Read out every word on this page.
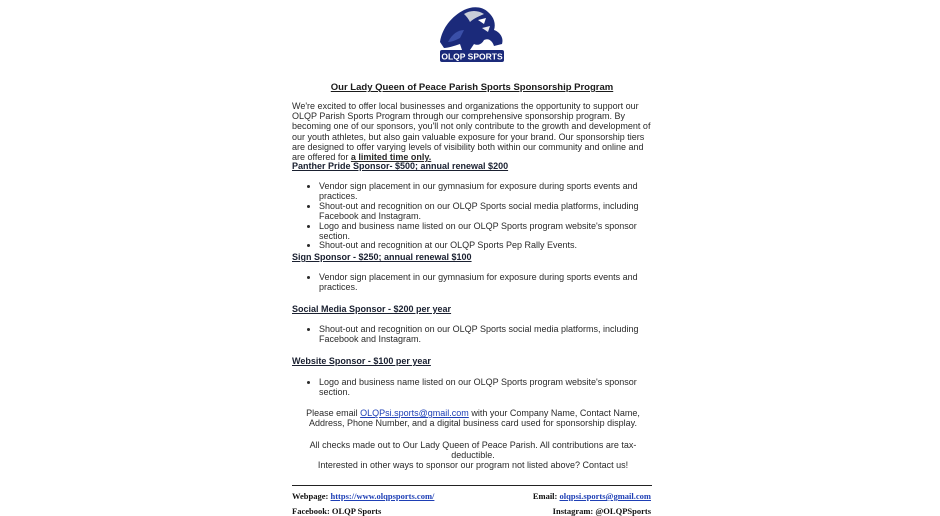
OLQP SPORTS
Our Lady Queen of Peace Parish Sports Sponsorship Program
We're excited to offer local businesses and organizations the opportunity to support our OLQP Parish Sports Program through our comprehensive sponsorship program. By becoming one of our sponsors, you'll not only contribute to the growth and development of our youth athletes, but also gain valuable exposure for your brand. Our sponsorship tiers are designed to offer varying levels of visibility both within our community and online and are offered for a limited time only.
Panther Pride Sponsor- $500; annual renewal $200
• Vendor sign placement in our gymnasium for exposure during sports events and practices.
• Shout-out and recognition on our OLQP Sports social media platforms, including Facebook and Instagram.
• Logo and business name listed on our OLQP Sports program website's sponsor section.
• Shout-out and recognition at our OLQP Sports Pep Rally Events.
Sign Sponsor - $250; annual renewal $100
• Vendor sign placement in our gymnasium for exposure during sports events and practices.
Social Media Sponsor - $200 per year
• Shout-out and recognition on our OLQP Sports social media platforms, including Facebook and Instagram.
Website Sponsor - $100 per year
• Logo and business name listed on our OLQP Sports program website's sponsor section.
Please email OLQPsi.sports@gmail.com with your Company Name, Contact Name, Address, Phone Number, and a digital business card used for sponsorship display.
All checks made out to Our Lady Queen of Peace Parish. All contributions are tax-deductible.
Interested in other ways to sponsor our program not listed above? Contact us!
Webpage: https://www.olqpsports.com/	Email: olqpsi.sports@gmail.com
Facebook: OLQP Sports	Instagram: @OLQPSports
